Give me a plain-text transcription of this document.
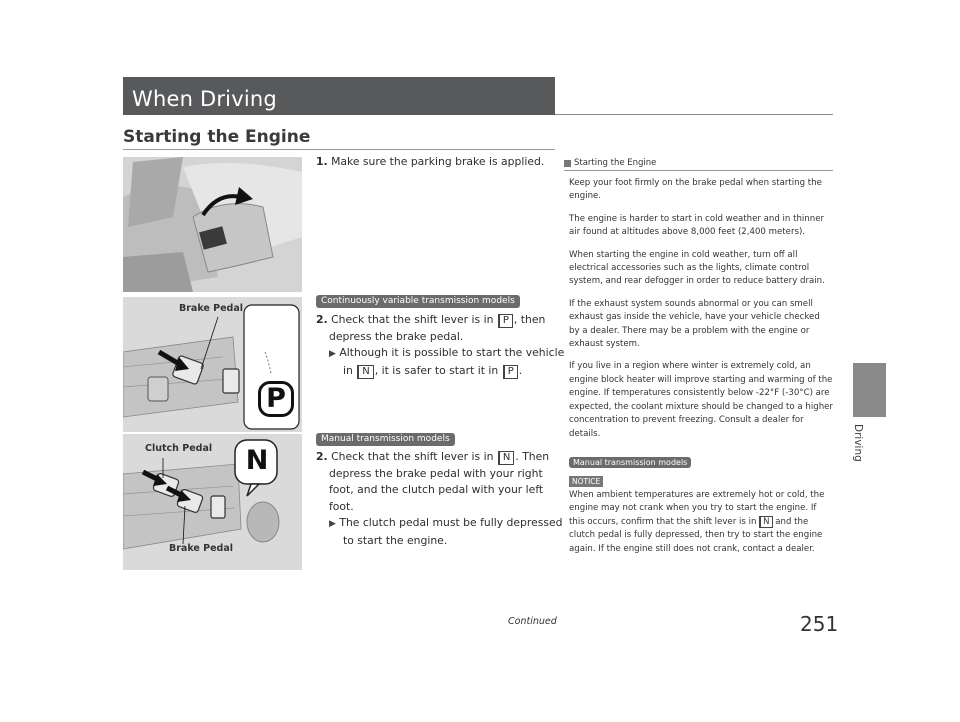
When Driving
Starting the Engine
Driving
Brake Pedal
P
Clutch Pedal
Brake Pedal
N
1. Make sure the parking brake is applied.
Continuously variable transmission models
2. Check that the shift lever is in P , then
depress the brake pedal.
▶ Although it is possible to start the vehicle
in N , it is safer to start it in P .
Manual transmission models
2. Check that the shift lever is in N . Then
depress the brake pedal with your right
foot, and the clutch pedal with your left
foot.
▶ The clutch pedal must be fully depressed
to start the engine.
Starting the Engine

Keep your foot firmly on the brake pedal when starting the engine.

The engine is harder to start in cold weather and in thinner air found at altitudes above 8,000 feet (2,400 meters).

When starting the engine in cold weather, turn off all electrical accessories such as the lights, climate control system, and rear defogger in order to reduce battery drain.

If the exhaust system sounds abnormal or you can smell exhaust gas inside the vehicle, have your vehicle checked by a dealer. There may be a problem with the engine or exhaust system.

If you live in a region where winter is extremely cold, an engine block heater will improve starting and warming of the engine. If temperatures consistently below -22°F (-30°C) are expected, the coolant mixture should be changed to a higher concentration to prevent freezing. Consult a dealer for details.

Manual transmission models
NOTICE

When ambient temperatures are extremely hot or cold, the engine may not crank when you try to start the engine. If this occurs, confirm that the shift lever is in N and the clutch pedal is fully depressed, then try to start the engine again. If the engine still does not crank, contact a dealer.

Continued	251
